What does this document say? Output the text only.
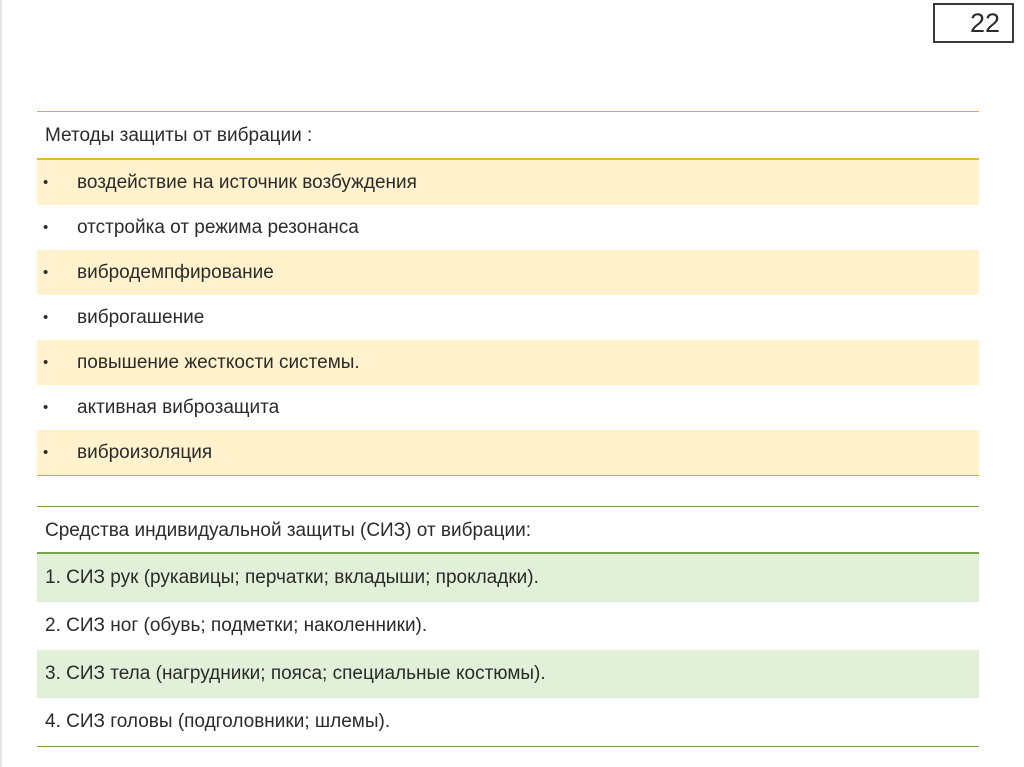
22
Методы защиты от вибрации :
• воздействие на источник возбуждения
• отстройка от режима резонанса
• вибродемпфирование
• виброгашение
• повышение жесткости системы.
• активная виброзащита
• виброизоляция
Средства индивидуальной защиты (СИЗ) от вибрации:
1. СИЗ рук (рукавицы; перчатки; вкладыши; прокладки).
2. СИЗ ног (обувь; подметки; наколенники).
3. СИЗ тела (нагрудники; пояса; специальные костюмы).
4. СИЗ головы (подголовники; шлемы).
